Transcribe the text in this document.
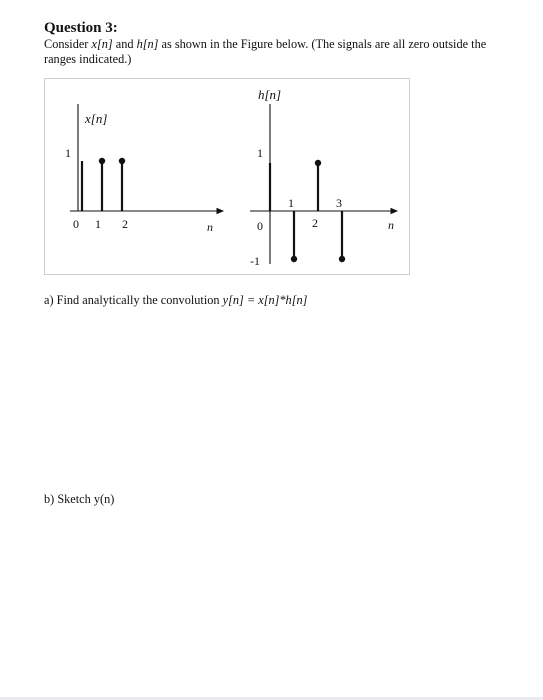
Question 3:
Consider x[n] and h[n] as shown in the Figure below. (The signals are all zero outside the ranges indicated.)
x[n]
1
n
0 1 2
h[n]
1
-1
n
0
1
2
3
a) Find analytically the convolution y[n] = x[n]*h[n]
b) Sketch y(n)
